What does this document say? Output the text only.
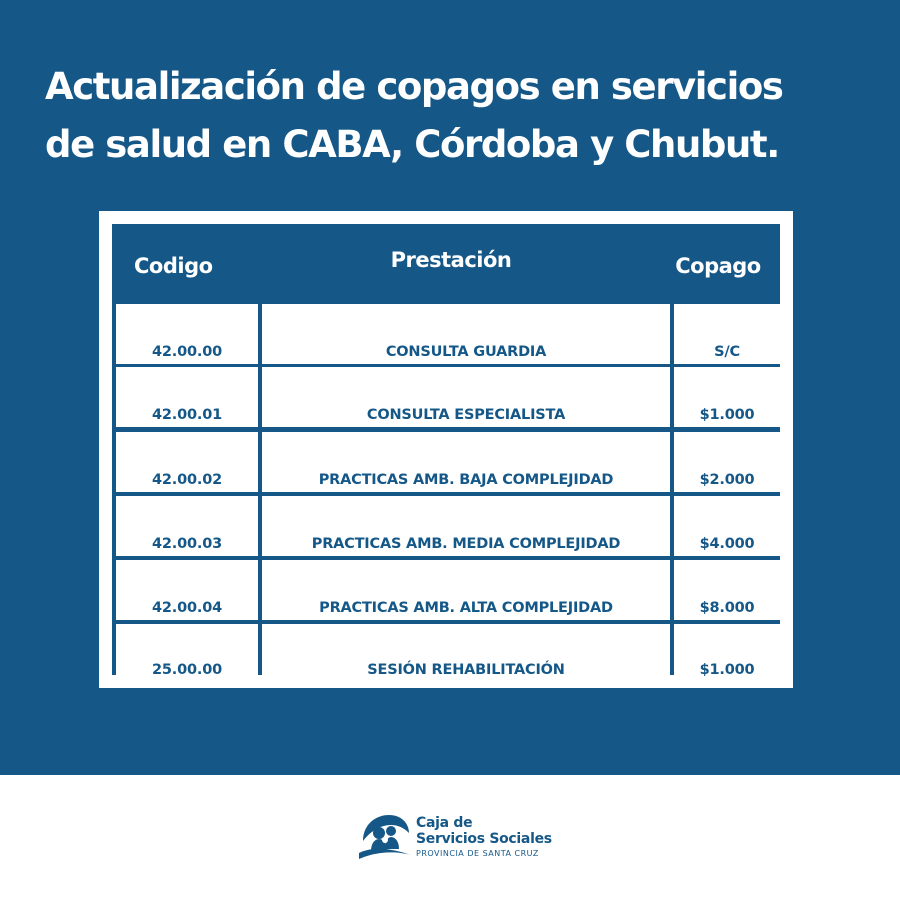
Actualización de copagos en servicios
de salud en CABA, Córdoba y Chubut.
Codigo	Prestación	Copago
42.00.00	CONSULTA GUARDIA	S/C
42.00.01	CONSULTA ESPECIALISTA	$1.000
42.00.02	PRACTICAS AMB. BAJA COMPLEJIDAD	$2.000
42.00.03	PRACTICAS AMB. MEDIA COMPLEJIDAD	$4.000
42.00.04	PRACTICAS AMB. ALTA COMPLEJIDAD	$8.000
25.00.00	SESIÓN REHABILITACIÓN	$1.000
Caja de
Servicios Sociales
PROVINCIA DE SANTA CRUZ
